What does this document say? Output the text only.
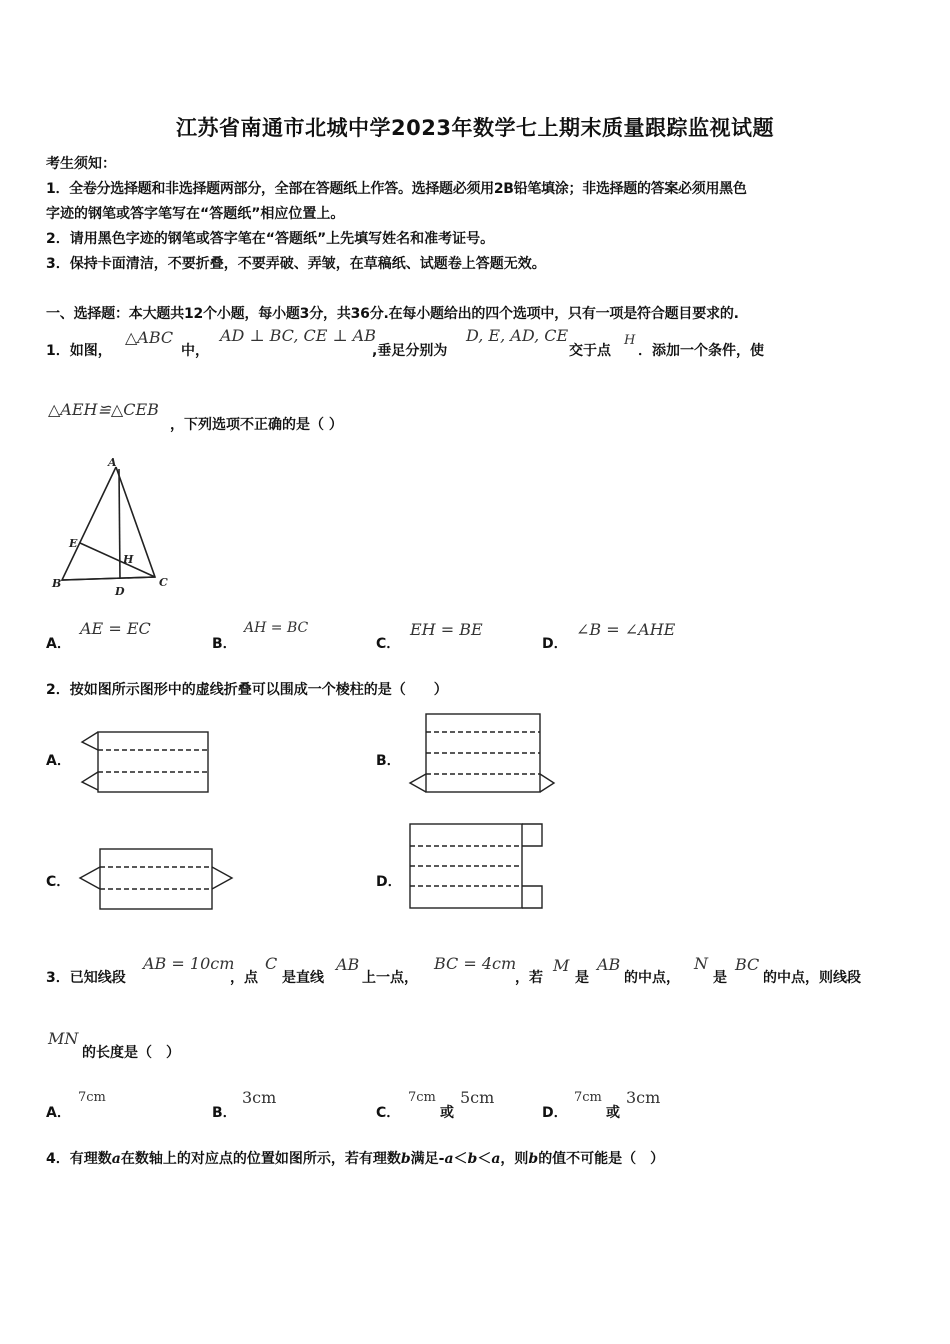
江苏省南通市北城中学2023年数学七上期末质量跟踪监视试题
考生须知：
1．全卷分选择题和非选择题两部分，全部在答题纸上作答。选择题必须用2B铅笔填涂；非选择题的答案必须用黑色
字迹的钢笔或答字笔写在“答题纸”相应位置上。
2．请用黑色字迹的钢笔或答字笔在“答题纸”上先填写姓名和准考证号。
3．保持卡面清洁，不要折叠，不要弄破、弄皱，在草稿纸、试题卷上答题无效。
一、选择题：本大题共12个小题，每小题3分，共36分.在每小题给出的四个选项中，只有一项是符合题目要求的.
1．如图，
△ABC
中，
AD ⊥ BC, CE ⊥ AB
,垂足分别为
D, E, AD, CE
交于点
H
．添加一个条件，使
△AEH≌△CEB
，下列选项不正确的是（ ）
A
E
H
B
D
C
A．
AE = EC
B．
AH = BC
C．
EH = BE
D．
∠B = ∠AHE
2．按如图所示图形中的虚线折叠可以围成一个棱柱的是（　　）
A．	B．
C．	D．
3．已知线段
AB = 10cm
，点
C
是直线
AB
上一点，
BC = 4cm
，若
M
是
AB
的中点，
N
是
BC
的中点，则线段
MN
的长度是（　）
A．
7cm
B．
3cm
C．
7cm
或
5cm
D．
7cm
或
3cm
4．有理数a在数轴上的对应点的位置如图所示，若有理数b满足-a＜b＜a，则b的值不可能是（　）
